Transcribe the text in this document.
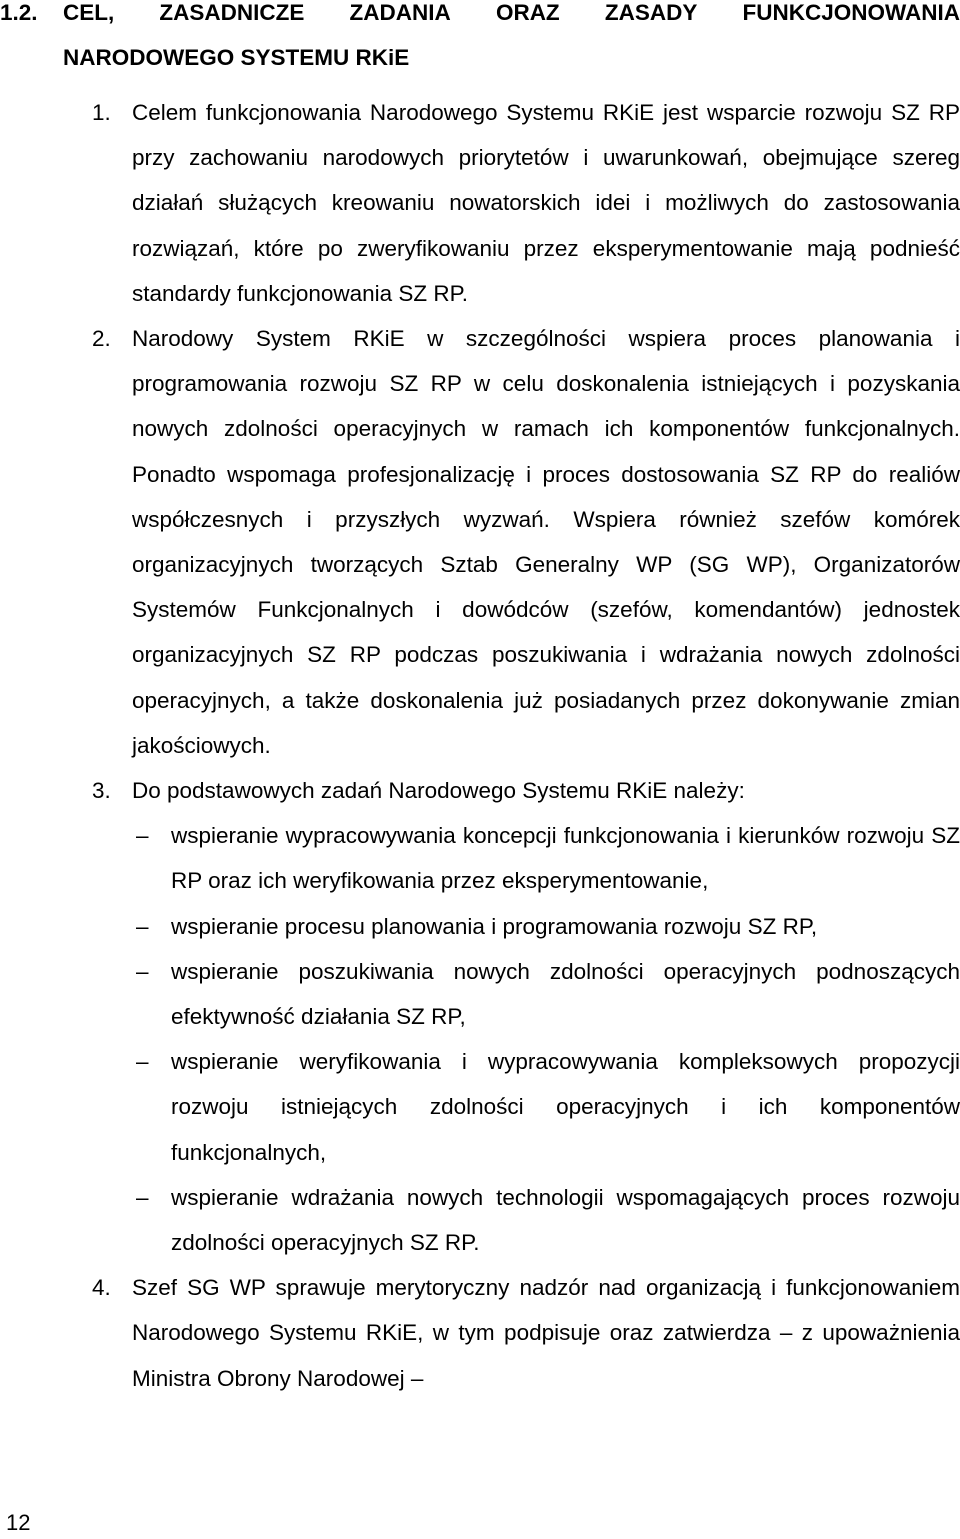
1.2.	CEL, ZASADNICZE ZADANIA ORAZ ZASADY FUNKCJONOWANIA
NARODOWEGO SYSTEMU RKiE
1. Celem funkcjonowania Narodowego Systemu RKiE jest wsparcie rozwoju SZ RP przy zachowaniu narodowych priorytetów i uwarunkowań, obejmujące szereg działań służących kreowaniu nowatorskich idei i możliwych do zastosowania rozwiązań, które po zweryfikowaniu przez eksperymentowanie mają podnieść standardy funkcjonowania SZ RP.

2. Narodowy System RKiE w szczególności wspiera proces planowania i programowania rozwoju SZ RP w celu doskonalenia istniejących i pozyskania nowych zdolności operacyjnych w ramach ich komponentów funkcjonalnych. Ponadto wspomaga profesjonalizację i proces dostosowania SZ RP do realiów współczesnych i przyszłych wyzwań. Wspiera również szefów komórek organizacyjnych tworzących Sztab Generalny WP (SG WP), Organizatorów Systemów Funkcjonalnych i dowódców (szefów, komendantów) jednostek organizacyjnych SZ RP podczas poszukiwania i wdrażania nowych zdolności operacyjnych, a także doskonalenia już posiadanych przez dokonywanie zmian jakościowych.

3. Do podstawowych zadań Narodowego Systemu RKiE należy:

– wspieranie wypracowywania koncepcji funkcjonowania i kierunków rozwoju SZ RP oraz ich weryfikowania przez eksperymentowanie,

– wspieranie procesu planowania i programowania rozwoju SZ RP,

– wspieranie poszukiwania nowych zdolności operacyjnych podnoszących efektywność działania SZ RP,

– wspieranie weryfikowania i wypracowywania kompleksowych propozycji rozwoju istniejących zdolności operacyjnych i ich komponentów funkcjonalnych,

– wspieranie wdrażania nowych technologii wspomagających proces rozwoju zdolności operacyjnych SZ RP.

4. Szef SG WP sprawuje merytoryczny nadzór nad organizacją i funkcjonowaniem Narodowego Systemu RKiE, w tym podpisuje oraz zatwierdza – z upoważnienia Ministra Obrony Narodowej –

12
